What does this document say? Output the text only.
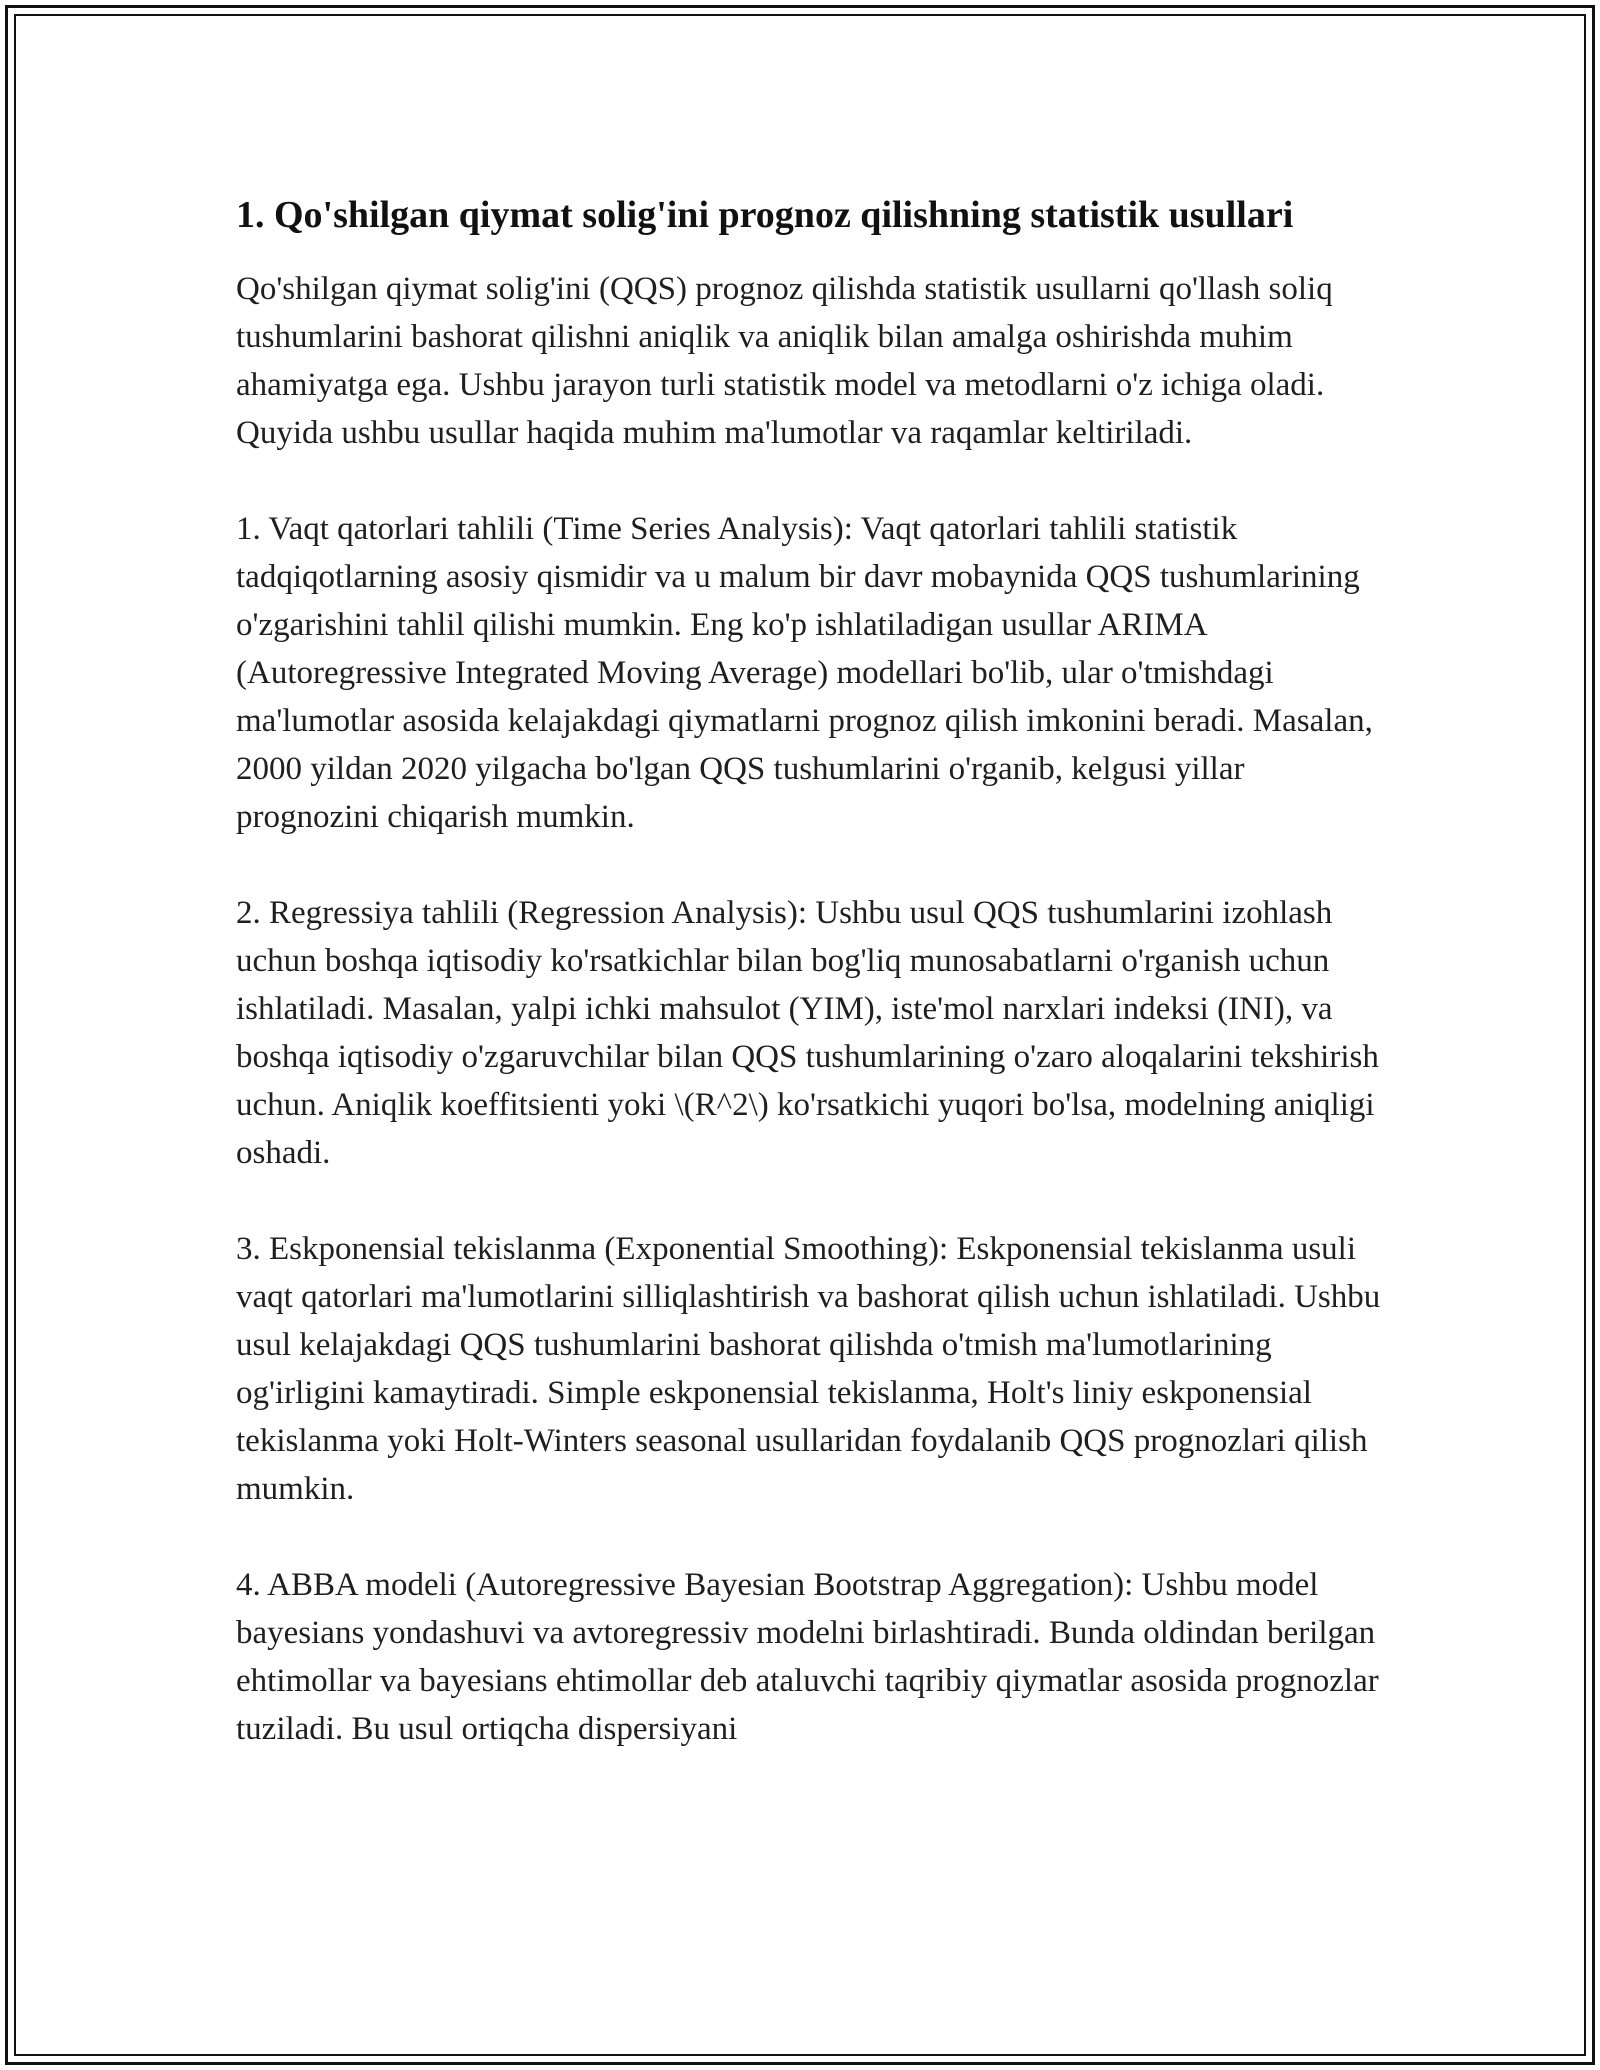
1. Qo'shilgan qiymat solig'ini prognoz qilishning statistik usullari

Qo'shilgan qiymat solig'ini (QQS) prognoz qilishda statistik usullarni qo'llash soliq tushumlarini bashorat qilishni aniqlik va aniqlik bilan amalga oshirishda muhim ahamiyatga ega. Ushbu jarayon turli statistik model va metodlarni o'z ichiga oladi. Quyida ushbu usullar haqida muhim ma'lumotlar va raqamlar keltiriladi.

1. Vaqt qatorlari tahlili (Time Series Analysis): Vaqt qatorlari tahlili statistik tadqiqotlarning asosiy qismidir va u malum bir davr mobaynida QQS tushumlarining o'zgarishini tahlil qilishi mumkin. Eng ko'p ishlatiladigan usullar ARIMA (Autoregressive Integrated Moving Average) modellari bo'lib, ular o'tmishdagi ma'lumotlar asosida kelajakdagi qiymatlarni prognoz qilish imkonini beradi. Masalan, 2000 yildan 2020 yilgacha bo'lgan QQS tushumlarini o'rganib, kelgusi yillar prognozini chiqarish mumkin.

2. Regressiya tahlili (Regression Analysis): Ushbu usul QQS tushumlarini izohlash uchun boshqa iqtisodiy ko'rsatkichlar bilan bog'liq munosabatlarni o'rganish uchun ishlatiladi. Masalan, yalpi ichki mahsulot (YIM), iste'mol narxlari indeksi (INI), va boshqa iqtisodiy o'zgaruvchilar bilan QQS tushumlarining o'zaro aloqalarini tekshirish uchun. Aniqlik koeffitsienti yoki \(R^2\) ko'rsatkichi yuqori bo'lsa, modelning aniqligi oshadi.

3. Eskponensial tekislanma (Exponential Smoothing): Eskponensial tekislanma usuli vaqt qatorlari ma'lumotlarini silliqlashtirish va bashorat qilish uchun ishlatiladi. Ushbu usul kelajakdagi QQS tushumlarini bashorat qilishda o'tmish ma'lumotlarining og'irligini kamaytiradi. Simple eskponensial tekislanma, Holt's liniy eskponensial tekislanma yoki Holt-Winters seasonal usullaridan foydalanib QQS prognozlari qilish mumkin.

4. ABBA modeli (Autoregressive Bayesian Bootstrap Aggregation): Ushbu model bayesians yondashuvi va avtoregressiv modelni birlashtiradi. Bunda oldindan berilgan ehtimollar va bayesians ehtimollar deb ataluvchi taqribiy qiymatlar asosida prognozlar tuziladi. Bu usul ortiqcha dispersiyani
